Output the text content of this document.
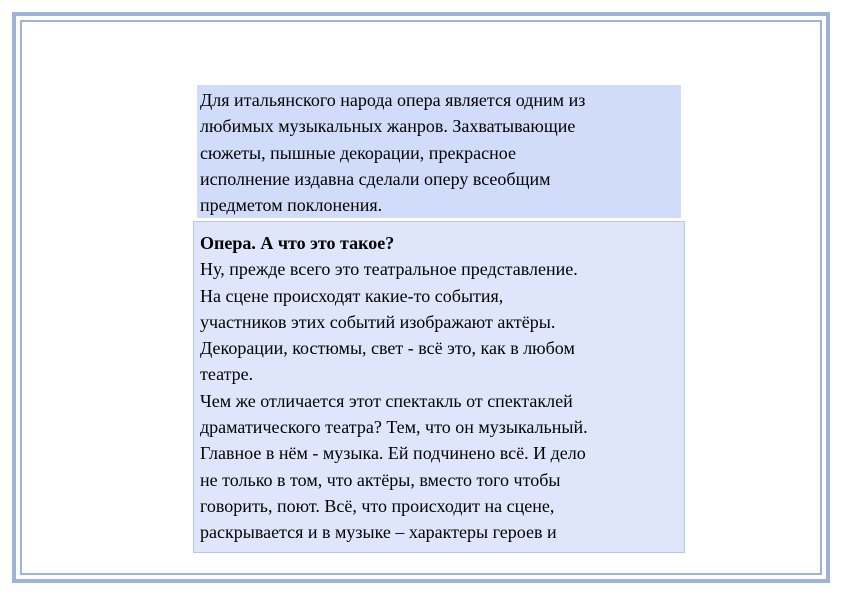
Для итальянского народа опера является одним из
любимых музыкальных жанров. Захватывающие
сюжеты, пышные декорации, прекрасное
исполнение издавна сделали оперу всеобщим
предметом поклонения.
Опера. А что это такое?
Ну, прежде всего это театральное представление.
На сцене происходят какие-то события,
участников этих событий изображают актёры.
Декорации, костюмы, свет - всё это, как в любом
театре.
Чем же отличается этот спектакль от спектаклей
драматического театра? Тем, что он музыкальный.
Главное в нём - музыка. Ей подчинено всё. И дело
не только в том, что актёры, вместо того чтобы
говорить, поют. Всё, что происходит на сцене,
раскрывается и в музыке – характеры героев и
